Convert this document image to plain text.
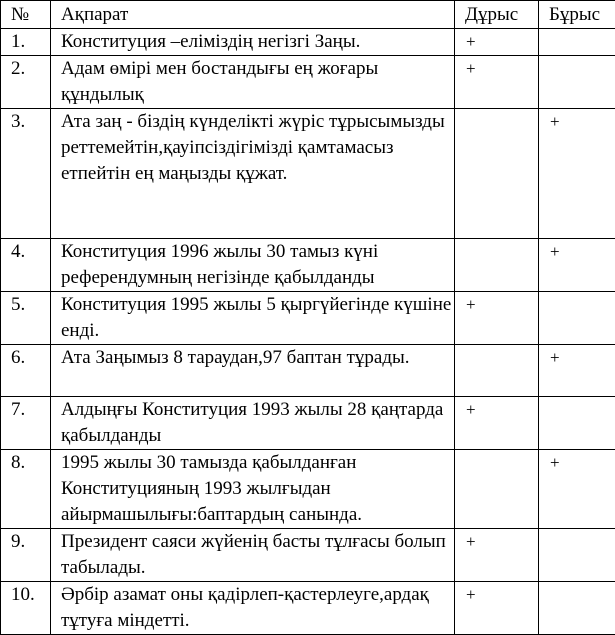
№	Ақпарат	Дұрыс	Бұрыс
1.	Конституция –еліміздің негізгі Заңы.	+	
2.	Адам өмірі мен бостандығы ең жоғары құндылық	+	
3.	Ата заң - біздің күнделікті жүріс тұрысымызды реттемейтін,қауіпсіздігімізді қамтамасыз етпейтін ең маңызды құжат.		+
4.	Конституция 1996 жылы 30 тамыз күні референдумның негізінде қабылданды		+
5.	Конституция 1995 жылы 5 қыргүйегінде күшіне енді.	+	
6.	Ата Заңымыз 8 тараудан,97 баптан тұрады.		+
7.	Алдыңғы Конституция 1993 жылы 28 қаңтарда қабылданды	+	
8.	1995 жылы 30 тамызда қабылданған Конституцияның 1993 жылғыдан айырмашылығы:баптардың санында.		+
9.	Президент саяси жүйенің басты тұлғасы болып табылады.	+	
10.	Әрбір азамат оны қадірлеп-қастерлеуге,ардақ тұтуға міндетті.	+	
